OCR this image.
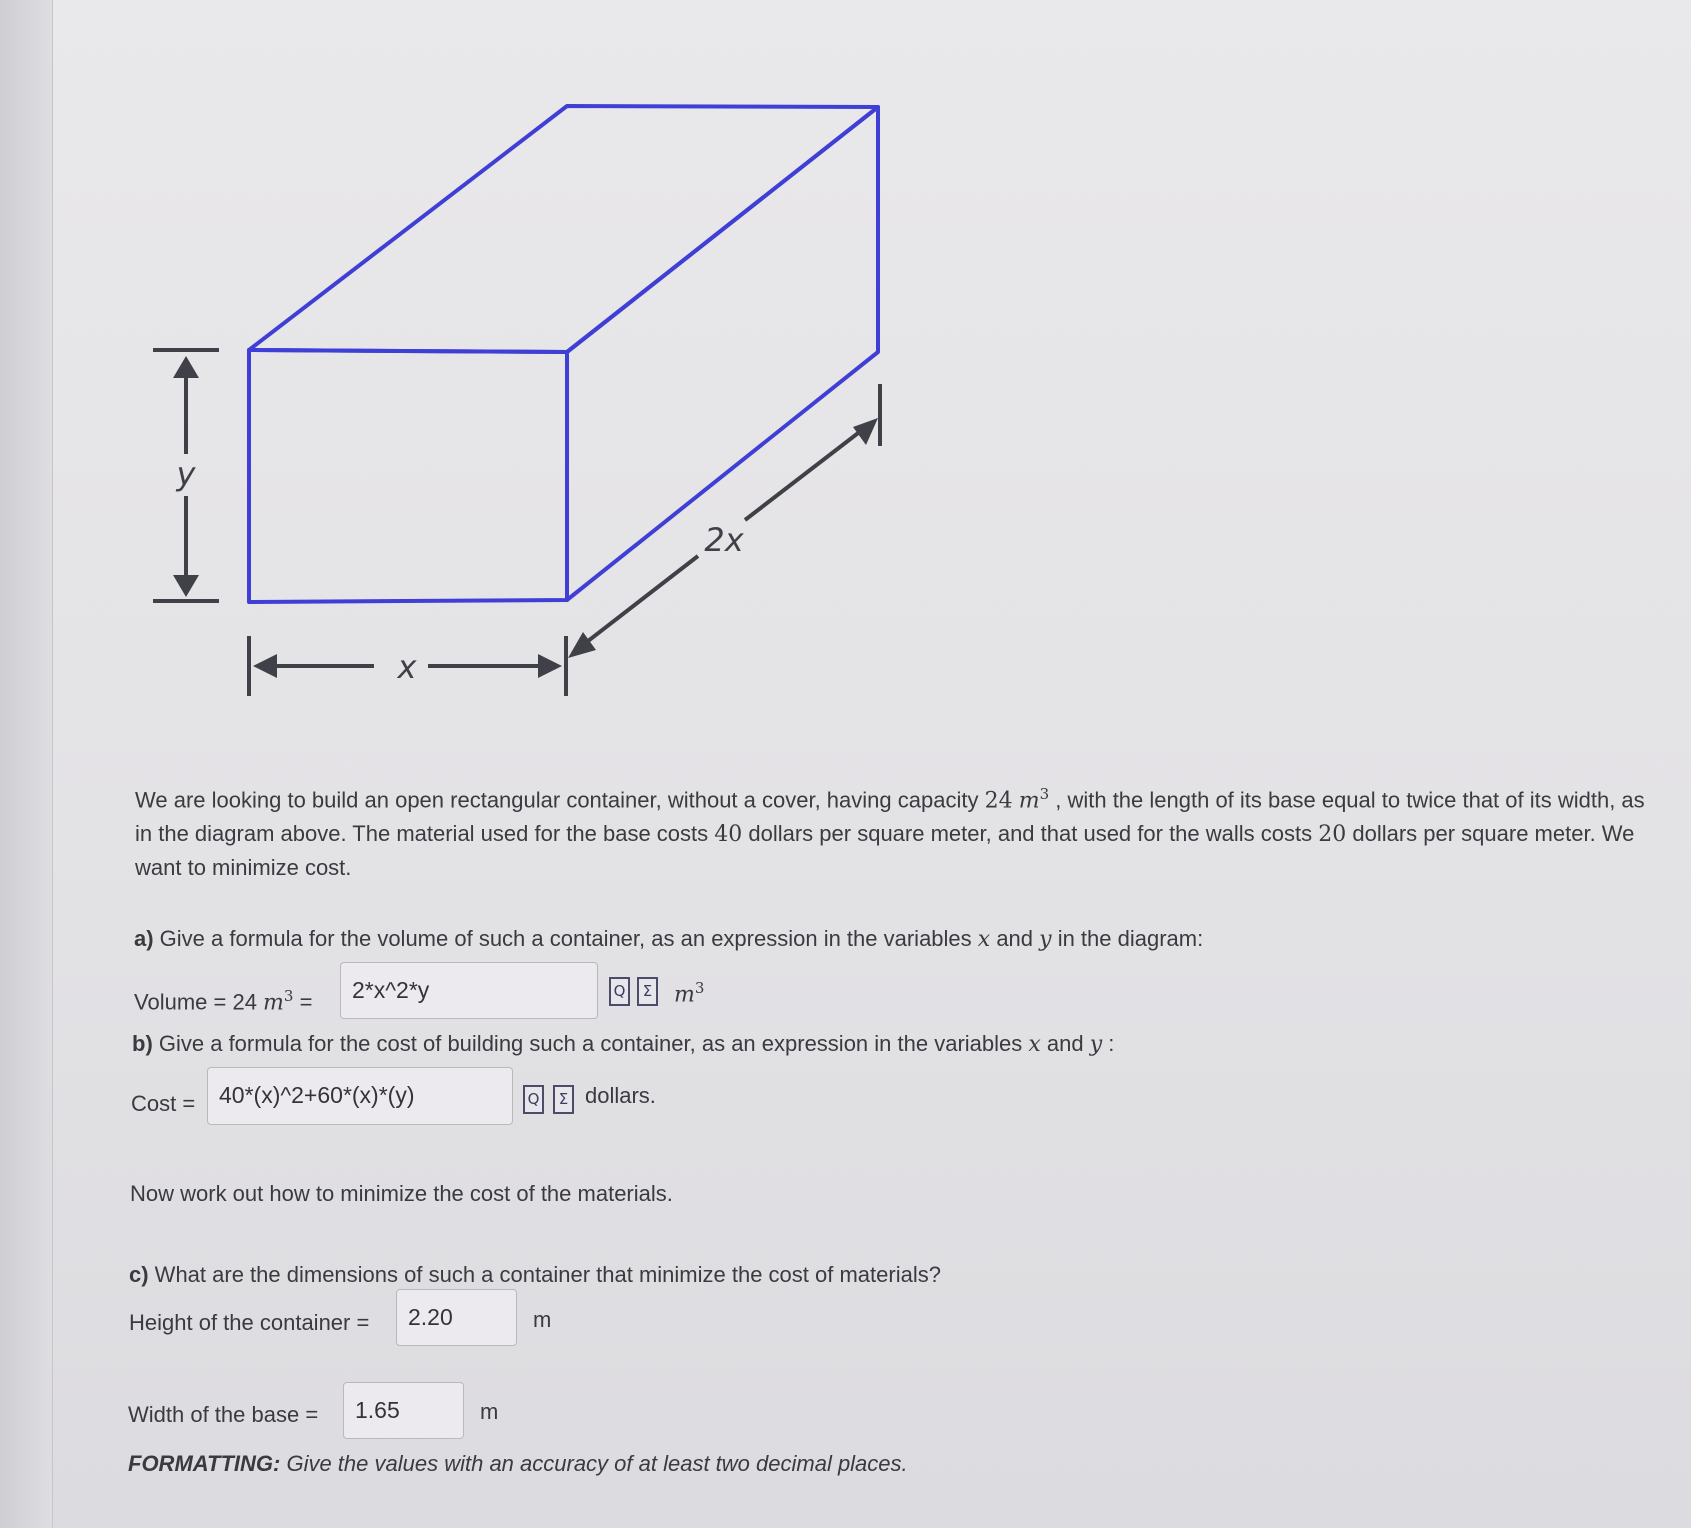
y
x
2x
We are looking to build an open rectangular container, without a cover, having capacity 24 $m^3$ , with the length of its base equal to twice that of its width, as
in the diagram above. The material used for the base costs 40 dollars per square meter, and that used for the walls costs 20 dollars per square meter. We
want to minimize cost.
a) Give a formula for the volume of such a container, as an expression in the variables x and y in the diagram:
Volume = 24 $m^3$ =	2*x^2*y	Q	Σ $m^3$
b) Give a formula for the cost of building such a container, as an expression in the variables x and y :
Cost =	40*(x)^2+60*(x)*(y)	Q	Σ dollars.
Now work out how to minimize the cost of the materials.
c) What are the dimensions of such a container that minimize the cost of materials?
Height of the container =	2.20	m
Width of the base =	1.65	m
FORMATTING: Give the values with an accuracy of at least two decimal places.
